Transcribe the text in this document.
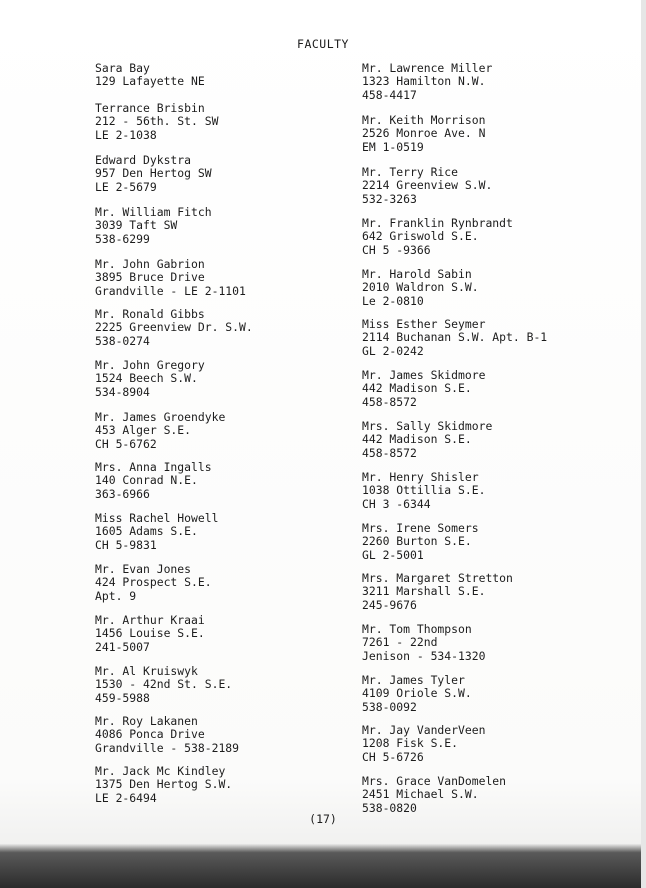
FACULTY
Sara Bay
129 Lafayette NE
Terrance Brisbin
212 - 56th. St. SW
LE 2-1038
Edward Dykstra
957 Den Hertog SW
LE 2-5679
Mr. William Fitch
3039 Taft SW
538-6299
Mr. John Gabrion
3895 Bruce Drive
Grandville - LE 2-1101
Mr. Ronald Gibbs
2225 Greenview Dr. S.W.
538-0274
Mr. John Gregory
1524 Beech S.W.
534-8904
Mr. James Groendyke
453 Alger S.E.
CH 5-6762
Mrs. Anna Ingalls
140 Conrad N.E.
363-6966
Miss Rachel Howell
1605 Adams S.E.
CH 5-9831
Mr. Evan Jones
424 Prospect S.E.
Apt. 9
Mr. Arthur Kraai
1456 Louise S.E.
241-5007
Mr. Al Kruiswyk
1530 - 42nd St. S.E.
459-5988
Mr. Roy Lakanen
4086 Ponca Drive
Grandville - 538-2189
Mr. Jack Mc Kindley
1375 Den Hertog S.W.
LE 2-6494
Mr. Lawrence Miller
1323 Hamilton N.W.
458-4417
Mr. Keith Morrison
2526 Monroe Ave. N
EM 1-0519
Mr. Terry Rice
2214 Greenview S.W.
532-3263
Mr. Franklin Rynbrandt
642 Griswold S.E.
CH 5 -9366
Mr. Harold Sabin
2010 Waldron S.W.
Le 2-0810
Miss Esther Seymer
2114 Buchanan S.W. Apt. B-1
GL 2-0242
Mr. James Skidmore
442 Madison S.E.
458-8572
Mrs. Sally Skidmore
442 Madison S.E.
458-8572
Mr. Henry Shisler
1038 Ottillia S.E.
CH 3 -6344
Mrs. Irene Somers
2260 Burton S.E.
GL 2-5001
Mrs. Margaret Stretton
3211 Marshall S.E.
245-9676
Mr. Tom Thompson
7261 - 22nd
Jenison - 534-1320
Mr. James Tyler
4109 Oriole S.W.
538-0092
Mr. Jay VanderVeen
1208 Fisk S.E.
CH 5-6726
Mrs. Grace VanDomelen
2451 Michael S.W.
538-0820
(17)
